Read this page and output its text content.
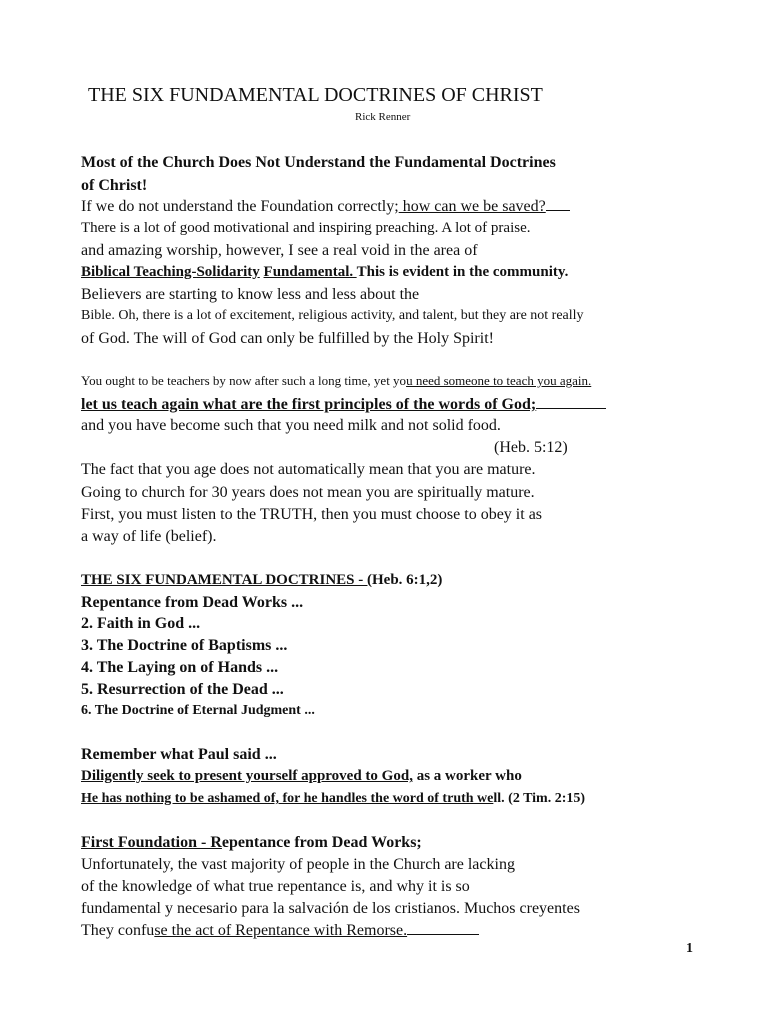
THE SIX FUNDAMENTAL DOCTRINES OF CHRIST
Rick Renner
Most of the Church Does Not Understand the Fundamental Doctrines
of Christ!
If we do not understand the Foundation correctly; how can we be saved?
There is a lot of good motivational and inspiring preaching. A lot of praise.
and amazing worship, however, I see a real void in the area of
Biblical Teaching-Solidarity Fundamental. This is evident in the community.
Believers are starting to know less and less about the
Bible. Oh, there is a lot of excitement, religious activity, and talent, but they are not really
of God. The will of God can only be fulfilled by the Holy Spirit!
You ought to be teachers by now after such a long time, yet you need someone to teach you again.
let us teach again what are the first principles of the words of God;
and you have become such that you need milk and not solid food.
(Heb. 5:12)
The fact that you age does not automatically mean that you are mature.
Going to church for 30 years does not mean you are spiritually mature.
First, you must listen to the TRUTH, then you must choose to obey it as
a way of life (belief).
THE SIX FUNDAMENTAL DOCTRINES - (Heb. 6:1,2)
Repentance from Dead Works ...
2. Faith in God ...
3. The Doctrine of Baptisms ...
4. The Laying on of Hands ...
5. Resurrection of the Dead ...
6. The Doctrine of Eternal Judgment ...
Remember what Paul said ...
Diligently seek to present yourself approved to God, as a worker who
He has nothing to be ashamed of, for he handles the word of truth well. (2 Tim. 2:15)
First Foundation - Repentance from Dead Works;
Unfortunately, the vast majority of people in the Church are lacking
of the knowledge of what true repentance is, and why it is so
fundamental y necesario para la salvación de los cristianos. Muchos creyentes
They confuse the act of Repentance with Remorse.
1
